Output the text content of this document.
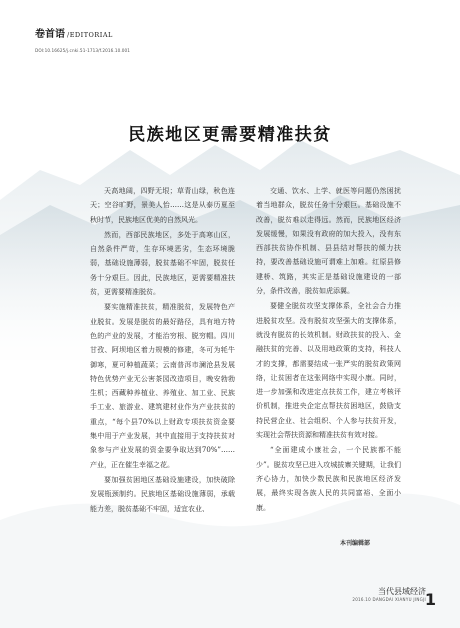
卷首语 /EDITORIAL
DOI:10.16625/j.cnki.51-1713/f.2016.10.001
民族地区更需要精准扶贫

天高地阔，四野无垠；草青山绿，秋色连天；空谷旷野，景美人怡……这是从泰历夏至秋时节，民族地区优美的自然风光。

然而，西部民族地区，多处于高寒山区，自然条件严苛，生存环境恶劣，生态环境脆弱，基础设施薄弱，脱贫基础不牢固，脱贫任务十分艰巨。因此，民族地区，更需要精准扶贫，更需要精准脱贫。

要实施精准扶贫，精准脱贫，发展特色产业脱贫。发展是脱贫的最好路径，具有地方特色的产业的发展，才能治穷根、脱穷帽。四川甘孜、阿坝地区着力规模的修建，冬可为牦牛御寒，夏可种植蔬菜；云南普洱市澜沧县发展特色优势产业无公害茶园改造项目，晚安勃勃生机；西藏种养植业、养殖业、加工业、民族手工业、旅游业、建筑建材业作为产业扶贫的重点，“每个县70%以上财政专项扶贫资金要集中用于产业发展，其中直接用于支持扶贫对象参与产业发展的资金要争取达到70%”……产业，正在催生幸福之花。

要加强贫困地区基础设施建设，加快破除发展瓶颈制约。民族地区基础设施薄弱，承载能力差，脱贫基础不牢固，适宜农业、

交通、饮水、上学、就医等问题仍然困扰着当地群众，脱贫任务十分艰巨。基础设施不改善，脱贫难以走得远。然而，民族地区经济发展缓慢，如果没有政府的加大投入，没有东西部扶贫协作机制、县县结对帮扶的倾力扶持，要改善基础设施可谓难上加难。红原县修建桥、筑路，其实正是基础设施建设的一部分，条件改善，脱贫如虎添翼。

要健全脱贫攻坚支撑体系，全社会合力推进脱贫攻坚。没有脱贫攻坚强大的支撑体系，就没有脱贫的长效机制。财政扶贫的投入、金融扶贫的完善、以及用地政策的支持，科技人才的支撑，都需要结成一张严实的脱贫政策网络，让贫困者在这张网络中实现小康。同时，进一步加强和改进定点扶贫工作，建立考核评价机制，推进央企定点帮扶贫困地区，鼓励支持民营企业、社会组织、个人参与扶贫开发，实现社会帮扶资源和精准扶贫有效对接。

“全面建成小康社会，一个民族都不能少”。脱贫攻坚已进入攻城拔寨关键期，让我们齐心协力，加快少数民族和民族地区经济发展，最终实现各族人民的共同富裕、全面小康。

本刊编辑部
当代县域经济
2016.10 DANGDAI XIANYU JINGJI
1
